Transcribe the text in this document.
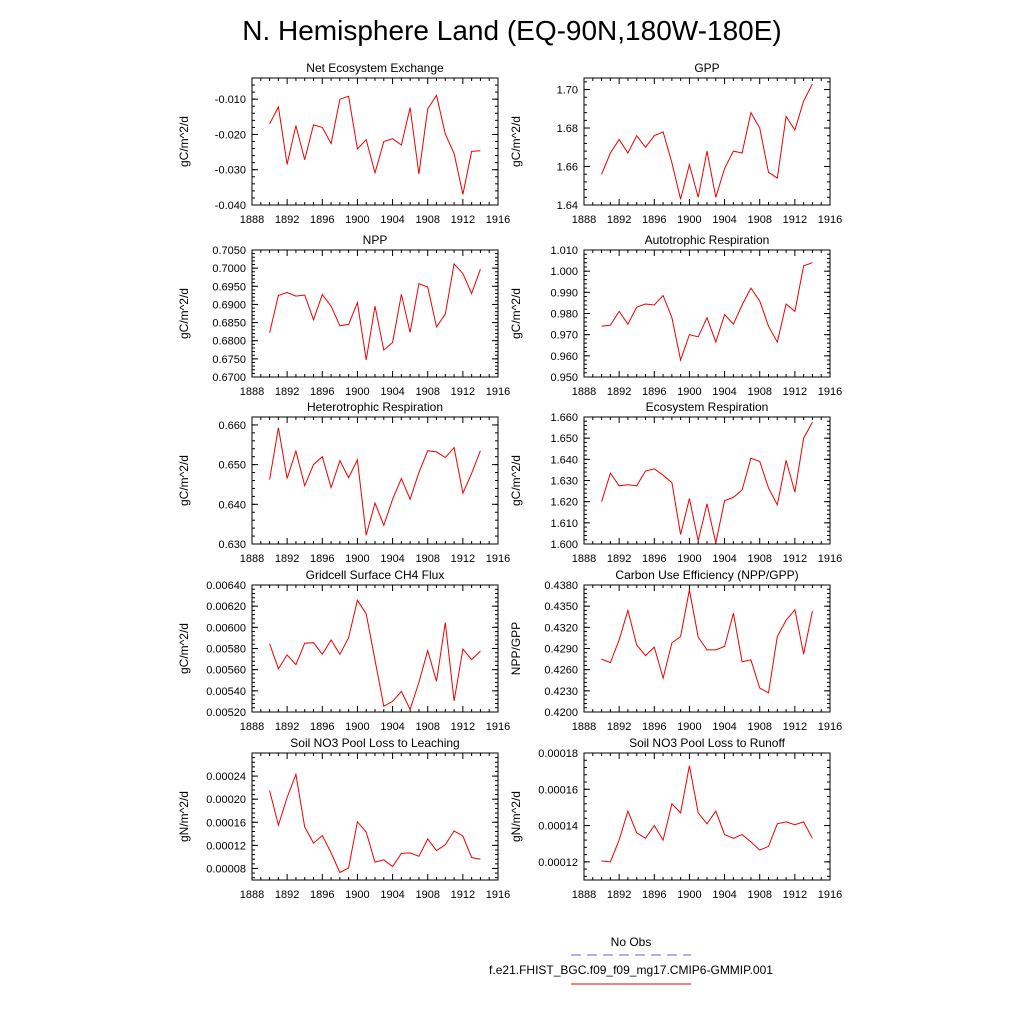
N. Hemisphere Land (EQ-90N,180W-180E)
Net Ecosystem Exchange
1888 1892 1896 1900 1904 1908 1912 1916
-0.010
-0.020
-0.030
-0.040
gC/m^2/d
GPP
1888 1892 1896 1900 1904 1908 1912 1916
1.70
1.68
1.66
1.64
gC/m^2/d
NPP
1888 1892 1896 1900 1904 1908 1912 1916
0.7050
0.7000
0.6950
0.6900
0.6850
0.6800
0.6750
0.6700
gC/m^2/d
Autotrophic Respiration
1888 1892 1896 1900 1904 1908 1912 1916
1.010
1.000
0.990
0.980
0.970
0.960
0.950
gC/m^2/d
Heterotrophic Respiration
1888 1892 1896 1900 1904 1908 1912 1916
0.660
0.650
0.640
0.630
gC/m^2/d
Ecosystem Respiration
1888 1892 1896 1900 1904 1908 1912 1916
1.660
1.650
1.640
1.630
1.620
1.610
1.600
gC/m^2/d
Gridcell Surface CH4 Flux
1888 1892 1896 1900 1904 1908 1912 1916
0.00640
0.00620
0.00600
0.00580
0.00560
0.00540
0.00520
gC/m^2/d
Carbon Use Efficiency (NPP/GPP)
1888 1892 1896 1900 1904 1908 1912 1916
0.4380
0.4350
0.4320
0.4290
0.4260
0.4230
0.4200
NPP/GPP
Soil NO3 Pool Loss to Leaching
1888 1892 1896 1900 1904 1908 1912 1916
0.00024
0.00020
0.00016
0.00012
0.00008
gN/m^2/d
Soil NO3 Pool Loss to Runoff
1888 1892 1896 1900 1904 1908 1912 1916
0.00018
0.00016
0.00014
0.00012
gN/m^2/d
No Obs
f.e21.FHIST_BGC.f09_f09_mg17.CMIP6-GMMIP.001
